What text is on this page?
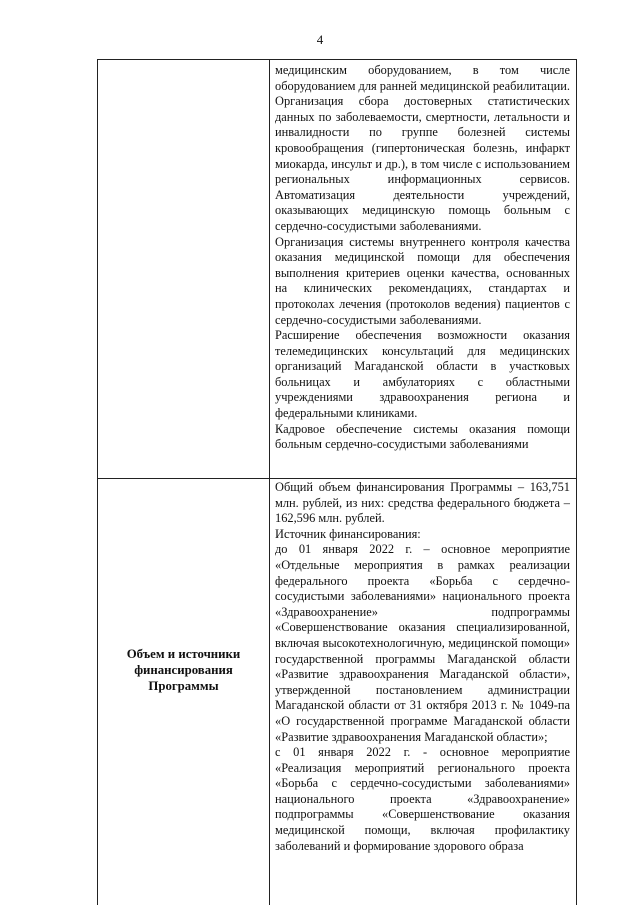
4

медицинским оборудованием, в том числе оборудованием для ранней медицинской реабилитации.

Организация сбора достоверных статистических данных по заболеваемости, смертности, летальности и инвалидности по группе болезней системы кровообращения (гипертоническая болезнь, инфаркт миокарда, инсульт и др.), в том числе с использованием региональных информационных сервисов. Автоматизация деятельности учреждений, оказывающих медицинскую помощь больным с сердечно-сосудистыми заболеваниями.

Организация системы внутреннего контроля качества оказания медицинской помощи для обеспечения выполнения критериев оценки качества, основанных на клинических рекомендациях, стандартах и протоколах лечения (протоколов ведения) пациентов с сердечно-сосудистыми заболеваниями.

Расширение обеспечения возможности оказания телемедицинских консультаций для медицинских организаций Магаданской области в участковых больницах и амбулаториях с областными учреждениями здравоохранения региона и федеральными клиниками.

Кадровое обеспечение системы оказания помощи больным сердечно-сосудистыми заболеваниями

Объем и источники
финансирования
Программы

Общий объем финансирования Программы – 163,751 млн. рублей, из них: средства федерального бюджета – 162,596 млн. рублей.

Источник финансирования:

до 01 января 2022 г. – основное мероприятие «Отдельные мероприятия в рамках реализации федерального проекта «Борьба с сердечно-сосудистыми заболеваниями» национального проекта «Здравоохранение» подпрограммы «Совершенствование оказания специализированной, включая высокотехнологичную, медицинской помощи» государственной программы Магаданской области «Развитие здравоохранения Магаданской области», утвержденной постановлением администрации Магаданской области от 31 октября 2013 г. № 1049-па «О государственной программе Магаданской области «Развитие здравоохранения Магаданской области»;

с 01 января 2022 г. - основное мероприятие «Реализация мероприятий регионального проекта «Борьба с сердечно-сосудистыми заболеваниями» национального проекта «Здравоохранение» подпрограммы «Совершенствование оказания медицинской помощи, включая профилактику заболеваний и формирование здорового образа
